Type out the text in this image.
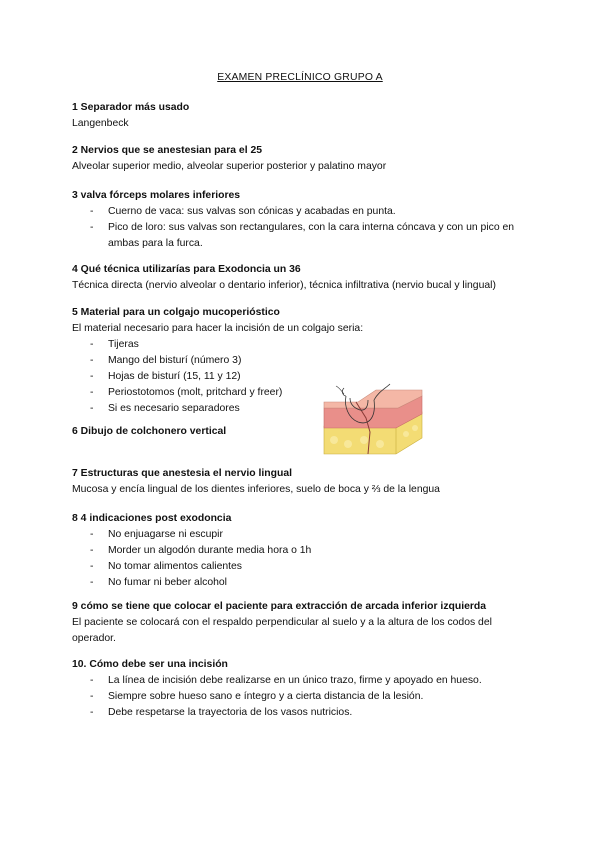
EXAMEN PRECLÍNICO GRUPO A
1 Separador más usado
Langenbeck
2 Nervios que se anestesian para el 25
Alveolar superior medio, alveolar superior posterior y palatino mayor
3 valva fórceps molares inferiores
- Cuerno de vaca: sus valvas son cónicas y acabadas en punta.
- Pico de loro: sus valvas son rectangulares, con la cara interna cóncava y con un pico en ambas para la furca.
4 Qué técnica utilizarías para Exodoncia un 36
Técnica directa (nervio alveolar o dentario inferior), técnica infiltrativa (nervio bucal y lingual)
5 Material para un colgajo mucoperióstico
El material necesario para hacer la incisión de un colgajo seria:
- Tijeras
- Mango del bisturí (número 3)
- Hojas de bisturí (15, 11 y 12)
- Periostotomos (molt, pritchard y freer)
- Si es necesario separadores
6 Dibujo de colchonero vertical
7 Estructuras que anestesia el nervio lingual
Mucosa y encía lingual de los dientes inferiores, suelo de boca y ⅔ de la lengua
8 4 indicaciones post exodoncia
- No enjuagarse ni escupir
- Morder un algodón durante media hora o 1h
- No tomar alimentos calientes
- No fumar ni beber alcohol
9 cómo se tiene que colocar el paciente para extracción de arcada inferior izquierda
El paciente se colocará con el respaldo perpendicular al suelo y a la altura de los codos del operador.
10. Cómo debe ser una incisión
- La línea de incisión debe realizarse en un único trazo, firme y apoyado en hueso.
- Siempre sobre hueso sano e íntegro y a cierta distancia de la lesión.
- Debe respetarse la trayectoria de los vasos nutricios.
